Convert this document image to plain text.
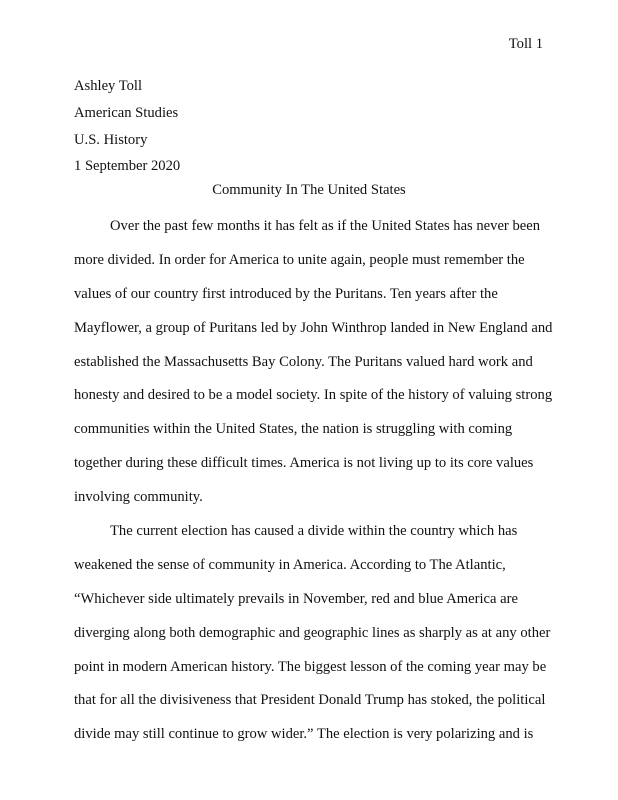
Toll 1
Ashley Toll
American Studies
U.S. History
1 September 2020
Community In The United States
Over the past few months it has felt as if the United States has never been
more divided. In order for America to unite again, people must remember the
values of our country first introduced by the Puritans. Ten years after the
Mayflower, a group of Puritans led by John Winthrop landed in New England and
established the Massachusetts Bay Colony. The Puritans valued hard work and
honesty and desired to be a model society. In spite of the history of valuing strong
communities within the United States, the nation is struggling with coming
together during these difficult times. America is not living up to its core values
involving community.
The current election has caused a divide within the country which has
weakened the sense of community in America. According to The Atlantic,
“Whichever side ultimately prevails in November, red and blue America are
diverging along both demographic and geographic lines as sharply as at any other
point in modern American history. The biggest lesson of the coming year may be
that for all the divisiveness that President Donald Trump has stoked, the political
divide may still continue to grow wider.” The election is very polarizing and is
